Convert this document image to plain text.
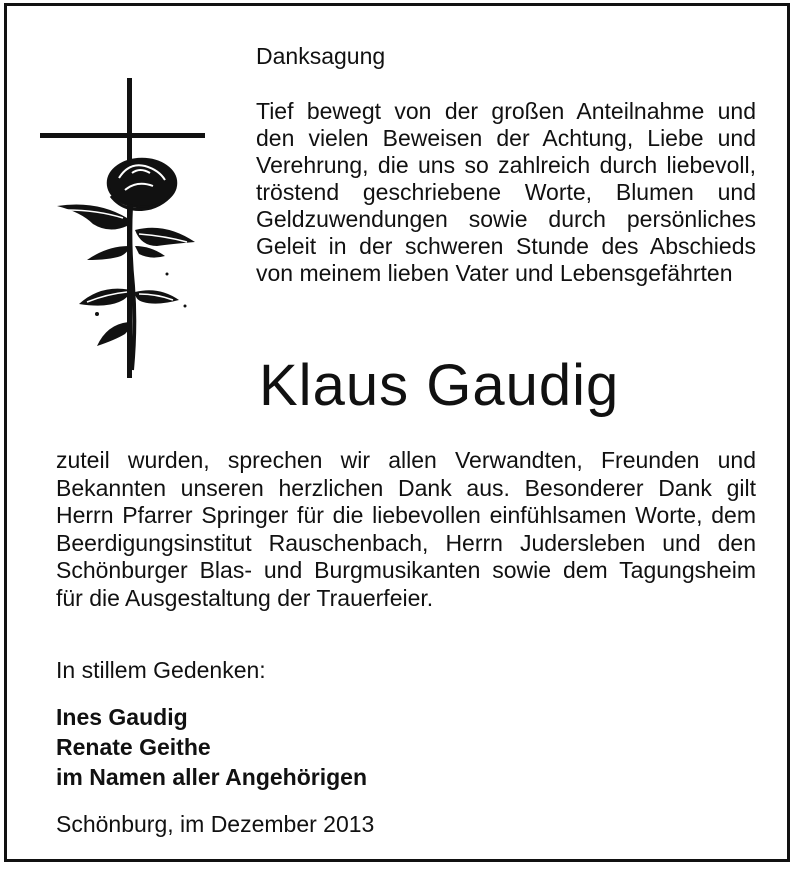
Danksagung

Tief bewegt von der großen Anteilnahme und den vielen Beweisen der Achtung, Liebe und Verehrung, die uns so zahlreich durch liebevoll, tröstend geschriebene Worte, Blumen und Geldzuwendungen sowie durch persönliches Geleit in der schweren Stunde des Abschieds von meinem lieben Vater und Lebensgefährten

Klaus Gaudig

zuteil wurden, sprechen wir allen Verwandten, Freunden und Bekannten unseren herzlichen Dank aus. Besonderer Dank gilt Herrn Pfarrer Springer für die liebevollen einfühlsamen Worte, dem Beerdigungsinstitut Rauschenbach, Herrn Judersleben und den Schönburger Blas- und Burgmusikanten sowie dem Tagungsheim für die Ausgestaltung der Trauerfeier.

In stillem Gedenken:

Ines Gaudig
Renate Geithe
im Namen aller Angehörigen

Schönburg, im Dezember 2013
